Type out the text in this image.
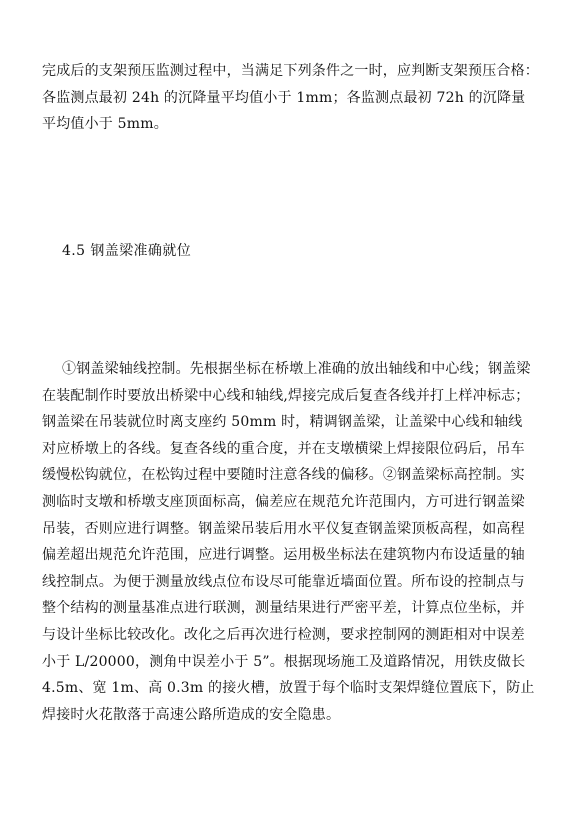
完成后的支架预压监测过程中，当满足下列条件之一时，应判断支架预压合格：
各监测点最初 24h 的沉降量平均值小于 1mm；各监测点最初 72h 的沉降量
平均值小于 5mm。
4.5 钢盖梁准确就位
①钢盖梁轴线控制。先根据坐标在桥墩上准确的放出轴线和中心线；钢盖梁
在装配制作时要放出桥梁中心线和轴线,焊接完成后复查各线并打上样冲标志；
钢盖梁在吊装就位时离支座约 50mm 时，精调钢盖梁，让盖梁中心线和轴线
对应桥墩上的各线。复查各线的重合度，并在支墩横梁上焊接限位码后，吊车
缓慢松钩就位，在松钩过程中要随时注意各线的偏移。②钢盖梁标高控制。实
测临时支墩和桥墩支座顶面标高，偏差应在规范允许范围内，方可进行钢盖梁
吊装，否则应进行调整。钢盖梁吊装后用水平仪复查钢盖梁顶板高程，如高程
偏差超出规范允许范围，应进行调整。运用极坐标法在建筑物内布设适量的轴
线控制点。为便于测量放线点位布设尽可能靠近墙面位置。所布设的控制点与
整个结构的测量基准点进行联测，测量结果进行严密平差，计算点位坐标，并
与设计坐标比较改化。改化之后再次进行检测，要求控制网的测距相对中误差
小于 L/20000，测角中误差小于 5”。根据现场施工及道路情况，用铁皮做长
4.5m、宽 1m、高 0.3m 的接火槽，放置于每个临时支架焊缝位置底下，防止
焊接时火花散落于高速公路所造成的安全隐患。
